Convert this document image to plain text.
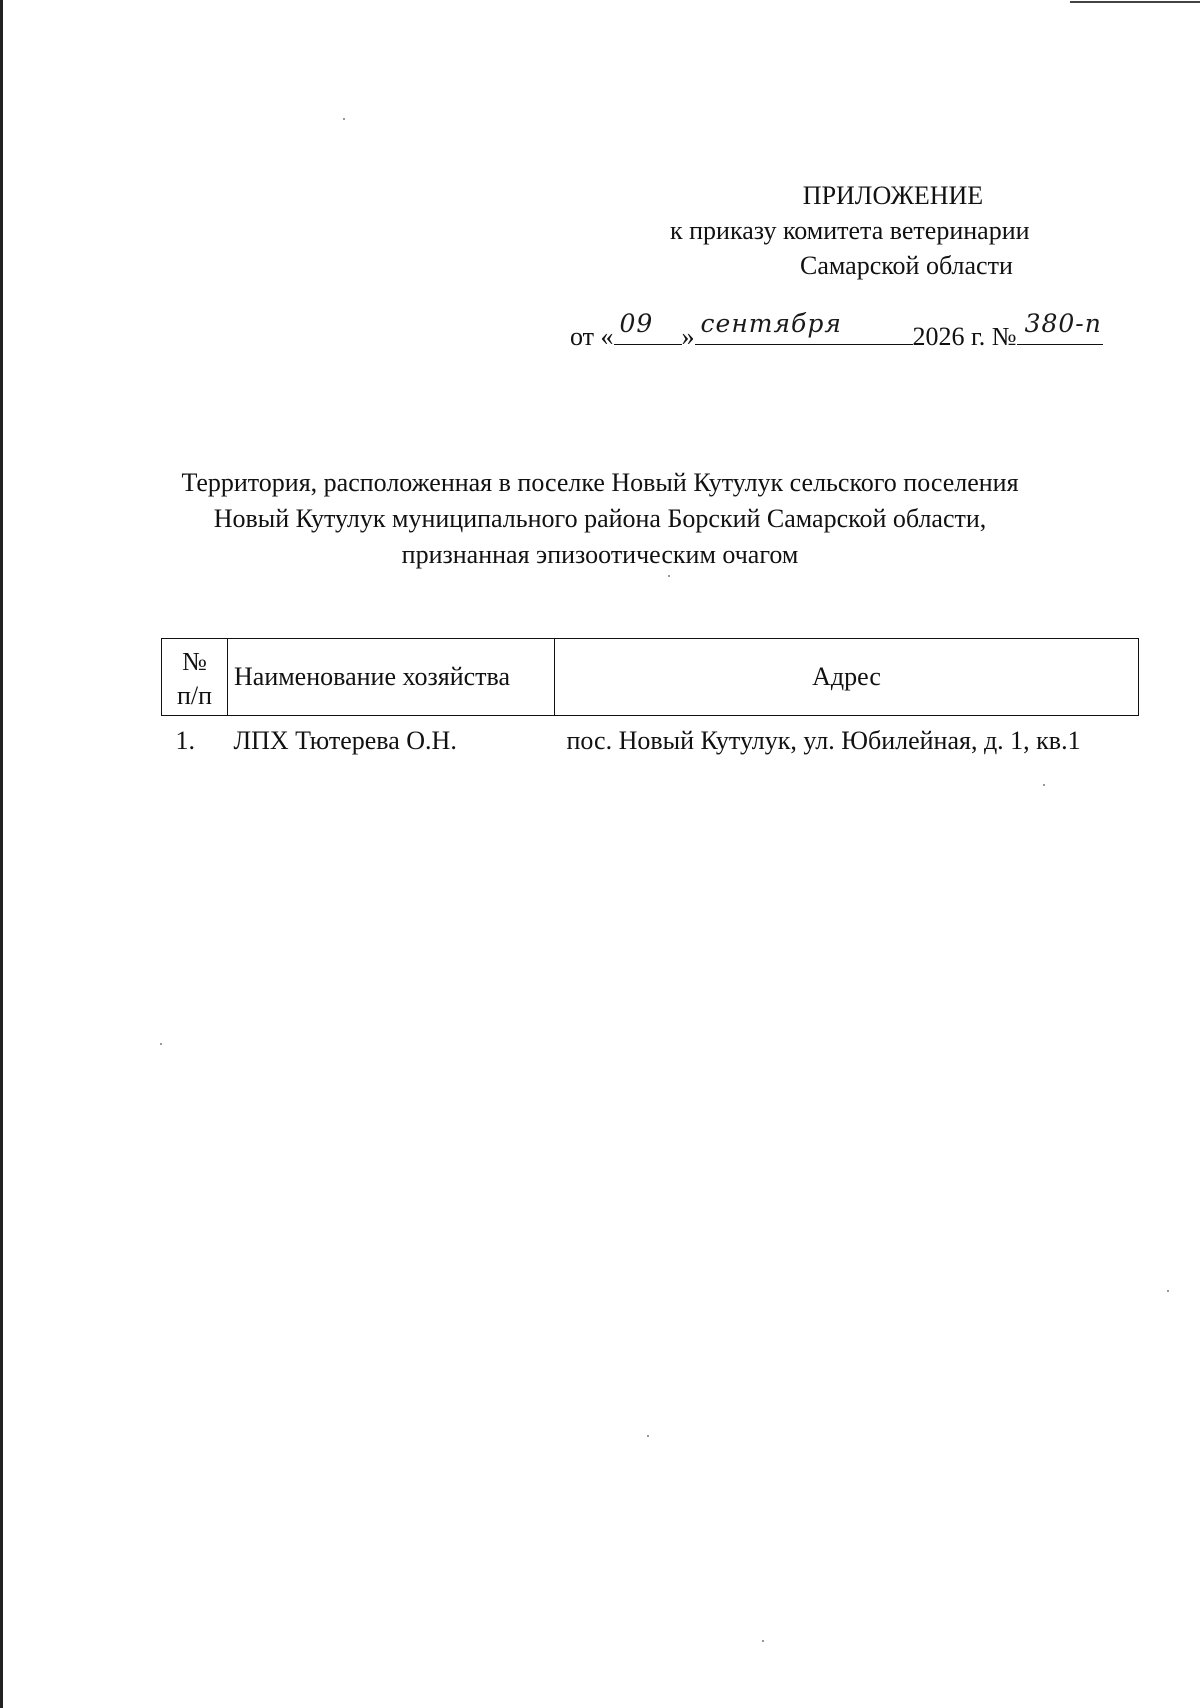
ПРИЛОЖЕНИЕ
к приказу комитета ветеринарии
Самарской области
от « 09 » сентября	2026 г. № 380-п
Территория, расположенная в поселке Новый Кутулук сельского поселения
Новый Кутулук муниципального района Борский Самарской области,
признанная эпизоотическим очагом
№
п/п	Наименование хозяйства	Адрес
1.	ЛПХ Тютерева О.Н.	пос. Новый Кутулук, ул. Юбилейная, д. 1, кв.1
